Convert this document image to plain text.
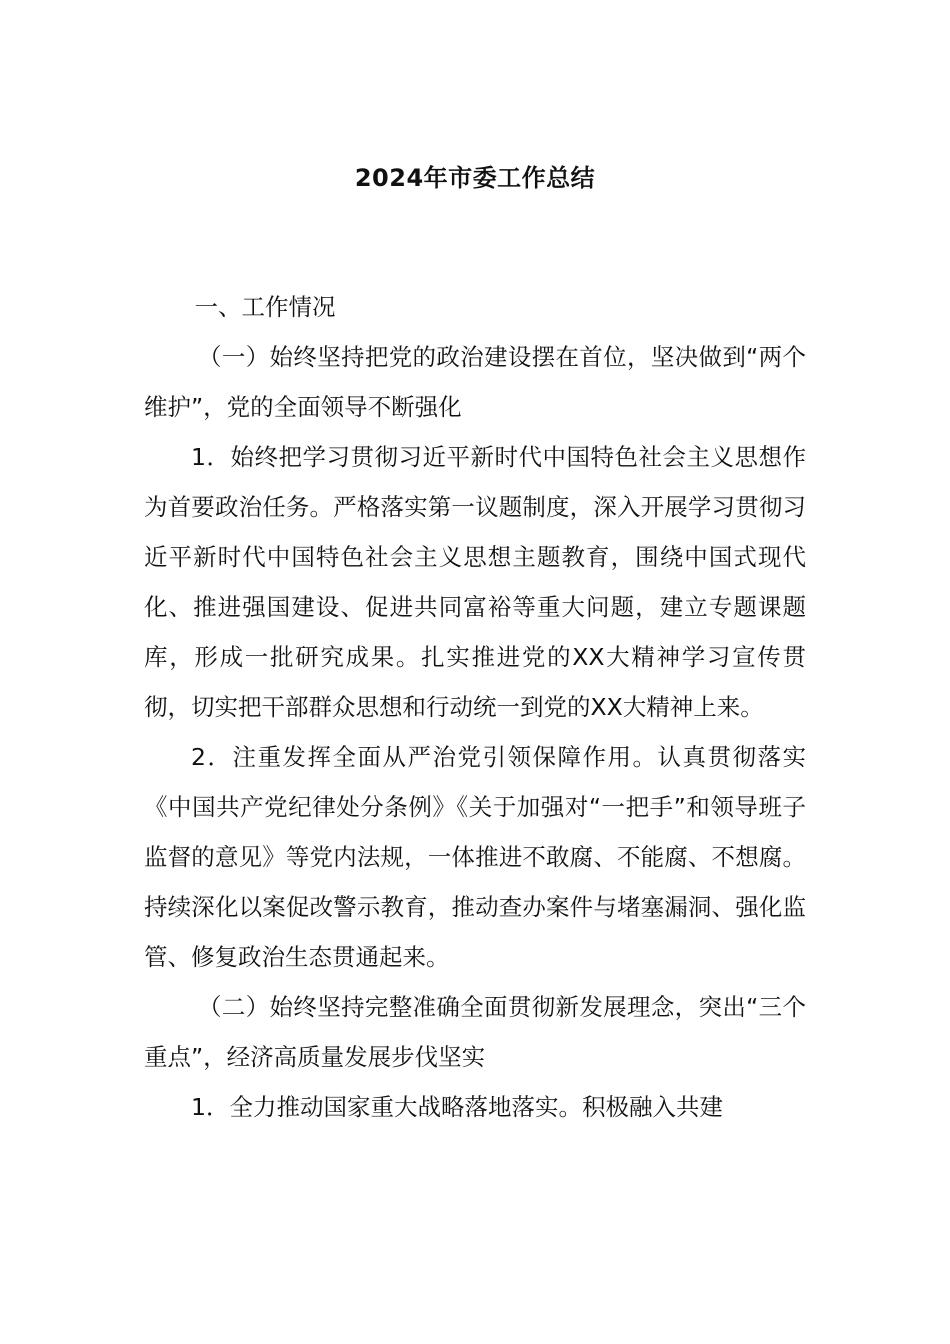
2024年市委工作总结

一、工作情况

（一）始终坚持把党的政治建设摆在首位，坚决做到“两个维护”，党的全面领导不断强化

1．始终把学习贯彻习近平新时代中国特色社会主义思想作为首要政治任务。严格落实第一议题制度，深入开展学习贯彻习近平新时代中国特色社会主义思想主题教育，围绕中国式现代化、推进强国建设、促进共同富裕等重大问题，建立专题课题库，形成一批研究成果。扎实推进党的XX大精神学习宣传贯彻，切实把干部群众思想和行动统一到党的XX大精神上来。

2．注重发挥全面从严治党引领保障作用。认真贯彻落实《中国共产党纪律处分条例》《关于加强对“一把手”和领导班子监督的意见》等党内法规，一体推进不敢腐、不能腐、不想腐。持续深化以案促改警示教育，推动查办案件与堵塞漏洞、强化监管、修复政治生态贯通起来。

（二）始终坚持完整准确全面贯彻新发展理念，突出“三个重点”，经济高质量发展步伐坚实

1．全力推动国家重大战略落地落实。积极融入共建
